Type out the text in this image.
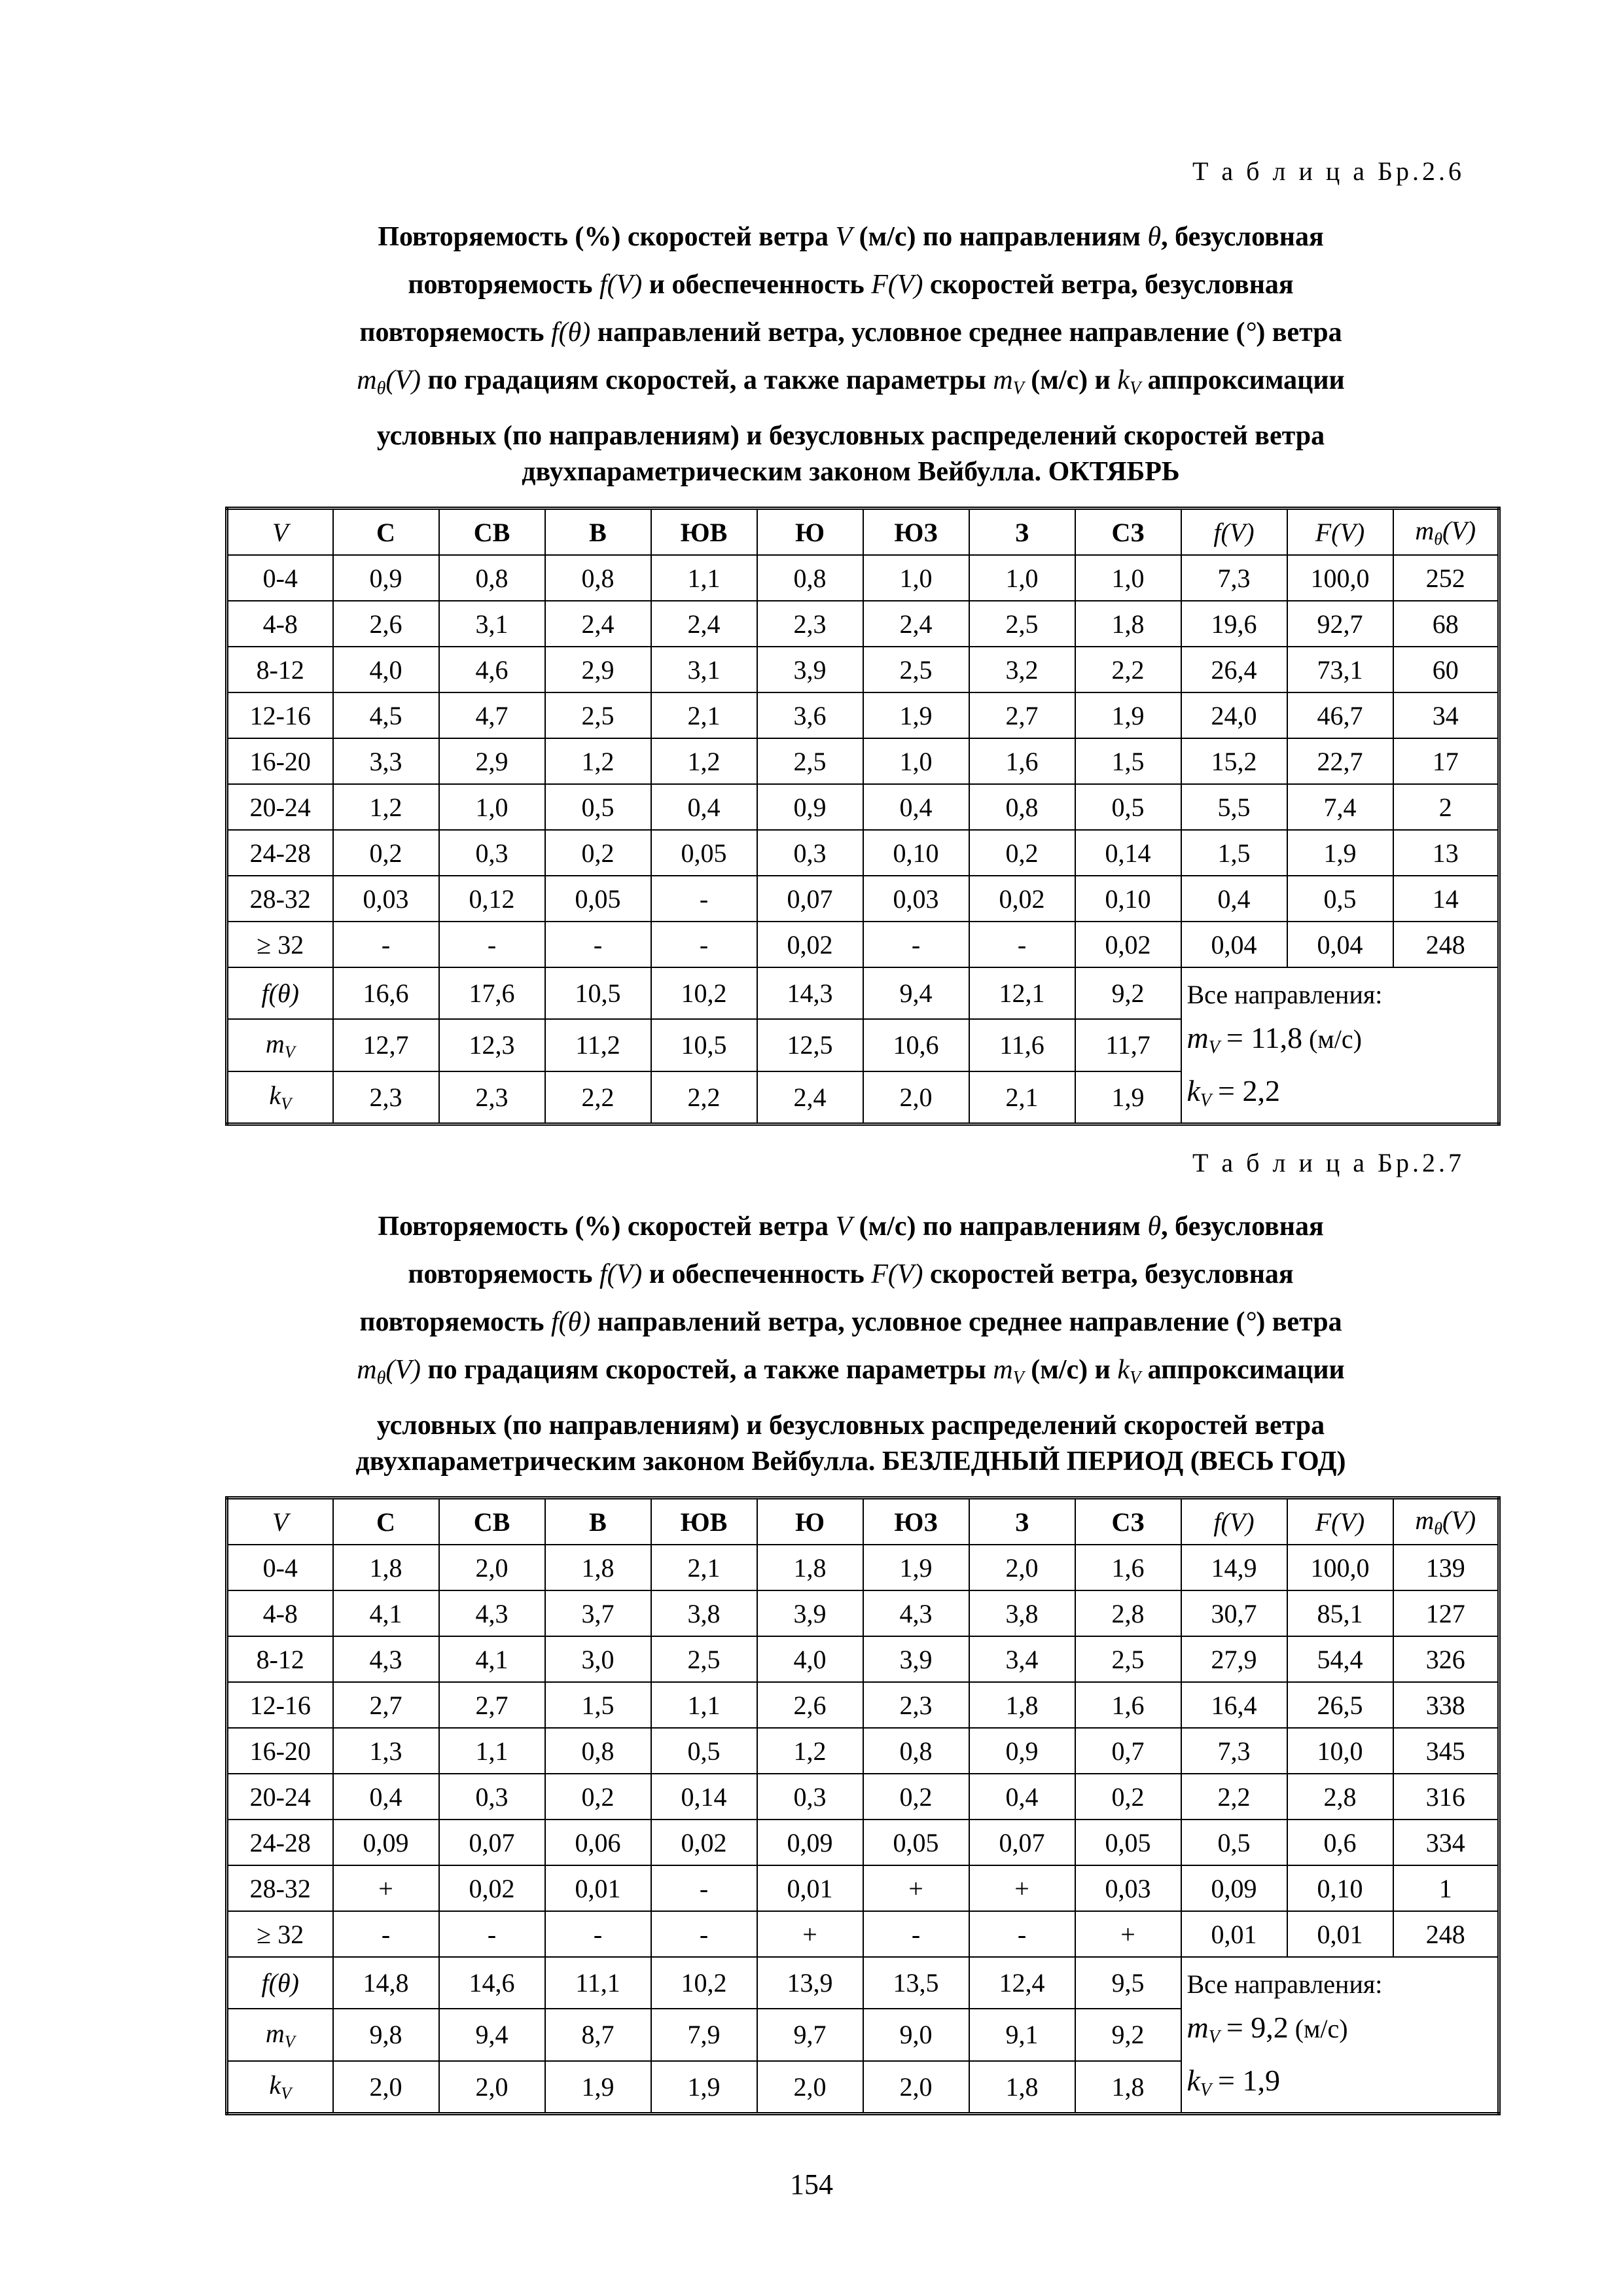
Т а б л и ц а Бр.2.6
Повторяемость (%) скоростей ветра V (м/с) по направлениям θ, безусловная
повторяемость f(V) и обеспеченность F(V) скоростей ветра, безусловная
повторяемость f(θ) направлений ветра, условное среднее направление (°) ветра
$m_\theta(V)$ по градациям скоростей, а также параметры $m_V$ (м/с) и $k_V$ аппроксимации
условных (по направлениям) и безусловных распределений скоростей ветра
двухпараметрическим законом Вейбулла. ОКТЯБРЬ
V	С	СВ	В	ЮВ	Ю	ЮЗ	З	СЗ	f(V)	F(V)	$m_\theta(V)$
0-4	0,9	0,8	0,8	1,1	0,8	1,0	1,0	1,0	7,3	100,0	252
4-8	2,6	3,1	2,4	2,4	2,3	2,4	2,5	1,8	19,6	92,7	68
8-12	4,0	4,6	2,9	3,1	3,9	2,5	3,2	2,2	26,4	73,1	60
12-16	4,5	4,7	2,5	2,1	3,6	1,9	2,7	1,9	24,0	46,7	34
16-20	3,3	2,9	1,2	1,2	2,5	1,0	1,6	1,5	15,2	22,7	17
20-24	1,2	1,0	0,5	0,4	0,9	0,4	0,8	0,5	5,5	7,4	2
24-28	0,2	0,3	0,2	0,05	0,3	0,10	0,2	0,14	1,5	1,9	13
28-32	0,03	0,12	0,05	-	0,07	0,03	0,02	0,10	0,4	0,5	14
≥ 32	-	-	-	-	0,02	-	-	0,02	0,04	0,04	248
f(θ)	16,6	17,6	10,5	10,2	14,3	9,4	12,1	9,2	Все направления:
mV = 11,8 (м/с)
kV = 2,2		

$m_V$	12,7	12,3	11,2	10,5	12,5	10,6	11,6	11,7			
$k_V$	2,3	2,3	2,2	2,2	2,4	2,0	2,1	1,9			
Т а б л и ц а Бр.2.7
Повторяемость (%) скоростей ветра V (м/с) по направлениям θ, безусловная
повторяемость f(V) и обеспеченность F(V) скоростей ветра, безусловная
повторяемость f(θ) направлений ветра, условное среднее направление (°) ветра
$m_\theta(V)$ по градациям скоростей, а также параметры $m_V$ (м/с) и $k_V$ аппроксимации
условных (по направлениям) и безусловных распределений скоростей ветра
двухпараметрическим законом Вейбулла. БЕЗЛЕДНЫЙ ПЕРИОД (ВЕСЬ ГОД)
V	С	СВ	В	ЮВ	Ю	ЮЗ	З	СЗ	f(V)	F(V)	$m_\theta(V)$
0-4	1,8	2,0	1,8	2,1	1,8	1,9	2,0	1,6	14,9	100,0	139
4-8	4,1	4,3	3,7	3,8	3,9	4,3	3,8	2,8	30,7	85,1	127
8-12	4,3	4,1	3,0	2,5	4,0	3,9	3,4	2,5	27,9	54,4	326
12-16	2,7	2,7	1,5	1,1	2,6	2,3	1,8	1,6	16,4	26,5	338
16-20	1,3	1,1	0,8	0,5	1,2	0,8	0,9	0,7	7,3	10,0	345
20-24	0,4	0,3	0,2	0,14	0,3	0,2	0,4	0,2	2,2	2,8	316
24-28	0,09	0,07	0,06	0,02	0,09	0,05	0,07	0,05	0,5	0,6	334
28-32	+	0,02	0,01	-	0,01	+	+	0,03	0,09	0,10	1
≥ 32	-	-	-	-	+	-	-	+	0,01	0,01	248
f(θ)	14,8	14,6	11,1	10,2	13,9	13,5	12,4	9,5	Все направления:
mV = 9,2 (м/с)
kV = 1,9		

$m_V$	9,8	9,4	8,7	7,9	9,7	9,0	9,1	9,2			
$k_V$	2,0	2,0	1,9	1,9	2,0	2,0	1,8	1,8			
154
